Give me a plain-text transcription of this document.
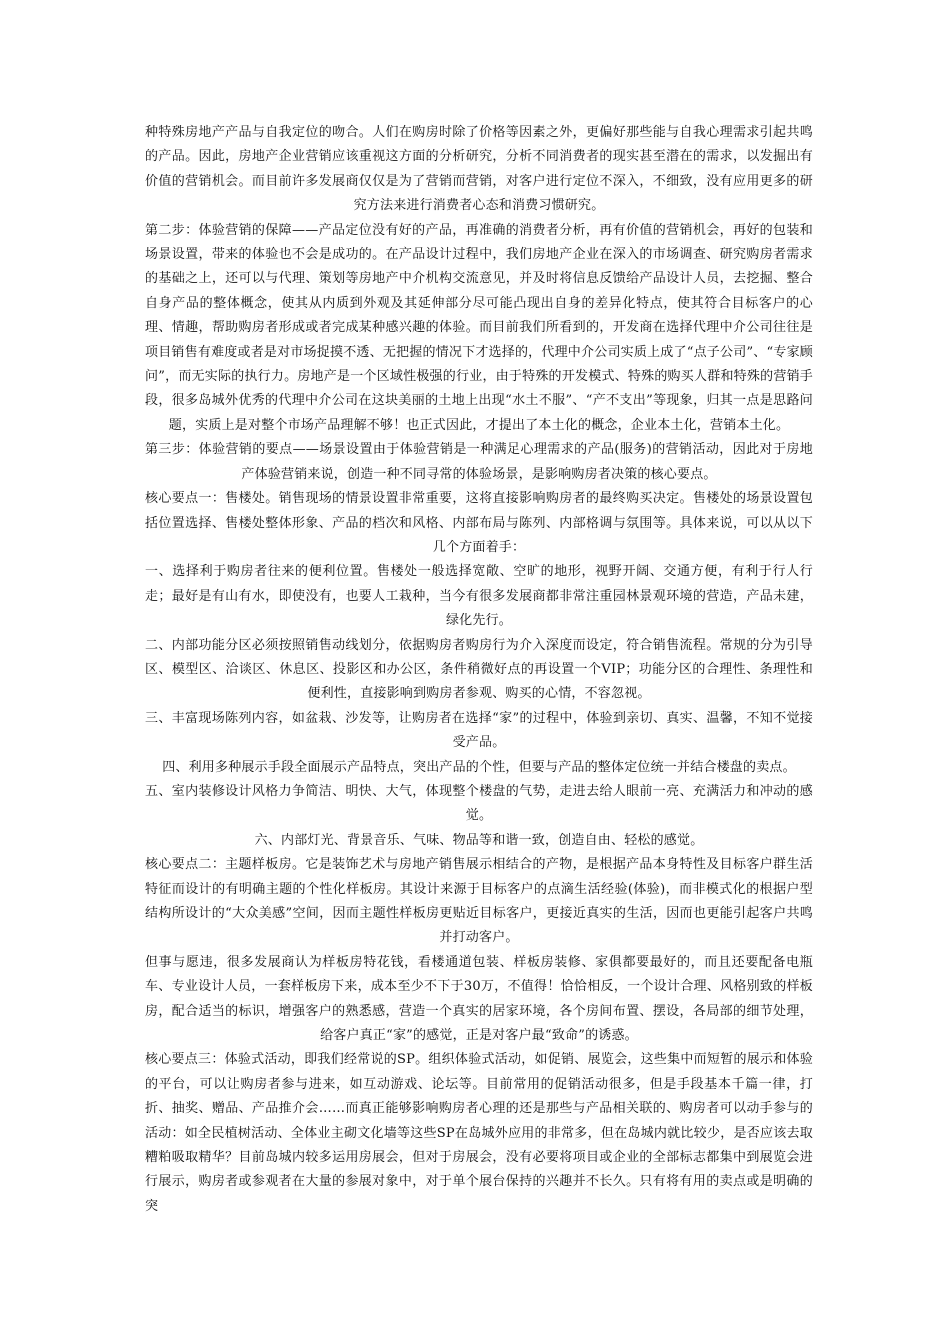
种特殊房地产产品与自我定位的吻合。人们在购房时除了价格等因素之外，更偏好那些能与自我心理需求引起共鸣的产品。因此，房地产企业营销应该重视这方面的分析研究，分析不同消费者的现实甚至潜在的需求，以发掘出有价值的营销机会。而目前许多发展商仅仅是为了营销而营销，对客户进行定位不深入，不细致，没有应用更多的研究方法来进行消费者心态和消费习惯研究。

第二步：体验营销的保障——产品定位没有好的产品，再准确的消费者分析，再有价值的营销机会，再好的包装和场景设置，带来的体验也不会是成功的。在产品设计过程中，我们房地产企业在深入的市场调查、研究购房者需求的基础之上，还可以与代理、策划等房地产中介机构交流意见，并及时将信息反馈给产品设计人员，去挖掘、整合自身产品的整体概念，使其从内质到外观及其延伸部分尽可能凸现出自身的差异化特点，使其符合目标客户的心理、情趣，帮助购房者形成或者完成某种感兴趣的体验。而目前我们所看到的，开发商在选择代理中介公司往往是项目销售有难度或者是对市场捉摸不透、无把握的情况下才选择的，代理中介公司实质上成了“点子公司”、“专家顾问”，而无实际的执行力。房地产是一个区域性极强的行业，由于特殊的开发模式、特殊的购买人群和特殊的营销手段，很多岛城外优秀的代理中介公司在这块美丽的土地上出现“水土不服”、“产不支出”等现象，归其一点是思路问题，实质上是对整个市场产品理解不够！也正式因此，才提出了本土化的概念，企业本土化，营销本土化。

第三步：体验营销的要点——场景设置由于体验营销是一种满足心理需求的产品(服务)的营销活动，因此对于房地产体验营销来说，创造一种不同寻常的体验场景，是影响购房者决策的核心要点。

核心要点一：售楼处。销售现场的情景设置非常重要，这将直接影响购房者的最终购买决定。售楼处的场景设置包括位置选择、售楼处整体形象、产品的档次和风格、内部布局与陈列、内部格调与氛围等。具体来说，可以从以下几个方面着手：

一、选择利于购房者往来的便利位置。售楼处一般选择宽敞、空旷的地形，视野开阔、交通方便，有利于行人行走；最好是有山有水，即使没有，也要人工栽种，当今有很多发展商都非常注重园林景观环境的营造，产品未建，绿化先行。

二、内部功能分区必须按照销售动线划分，依据购房者购房行为介入深度而设定，符合销售流程。常规的分为引导区、模型区、洽谈区、休息区、投影区和办公区，条件稍微好点的再设置一个VIP；功能分区的合理性、条理性和便利性，直接影响到购房者参观、购买的心情，不容忽视。

三、丰富现场陈列内容，如盆栽、沙发等，让购房者在选择“家”的过程中，体验到亲切、真实、温馨，不知不觉接受产品。

四、利用多种展示手段全面展示产品特点，突出产品的个性，但要与产品的整体定位统一并结合楼盘的卖点。

五、室内装修设计风格力争简洁、明快、大气，体现整个楼盘的气势，走进去给人眼前一亮、充满活力和冲动的感觉。

六、内部灯光、背景音乐、气味、物品等和谐一致，创造自由、轻松的感觉。

核心要点二：主题样板房。它是装饰艺术与房地产销售展示相结合的产物，是根据产品本身特性及目标客户群生活特征而设计的有明确主题的个性化样板房。其设计来源于目标客户的点滴生活经验(体验)，而非模式化的根据户型结构所设计的“大众美感”空间，因而主题性样板房更贴近目标客户，更接近真实的生活，因而也更能引起客户共鸣并打动客户。

但事与愿违，很多发展商认为样板房特花钱，看楼通道包装、样板房装修、家俱都要最好的，而且还要配备电瓶车、专业设计人员，一套样板房下来，成本至少不下于30万，不值得！恰恰相反，一个设计合理、风格别致的样板房，配合适当的标识，增强客户的熟悉感，营造一个真实的居家环境，各个房间布置、摆设，各局部的细节处理，给客户真正“家”的感觉，正是对客户最“致命”的诱惑。

核心要点三：体验式活动，即我们经常说的SP。组织体验式活动，如促销、展览会，这些集中而短暂的展示和体验的平台，可以让购房者参与进来，如互动游戏、论坛等。目前常用的促销活动很多，但是手段基本千篇一律，打折、抽奖、赠品、产品推介会……而真正能够影响购房者心理的还是那些与产品相关联的、购房者可以动手参与的活动：如全民植树活动、全体业主砌文化墙等这些SP在岛城外应用的非常多，但在岛城内就比较少，是否应该去取糟粕吸取精华？目前岛城内较多运用房展会，但对于房展会，没有必要将项目或企业的全部标志都集中到展览会进行展示，购房者或参观者在大量的参展对象中，对于单个展台保持的兴趣并不长久。只有将有用的卖点或是明确的突
